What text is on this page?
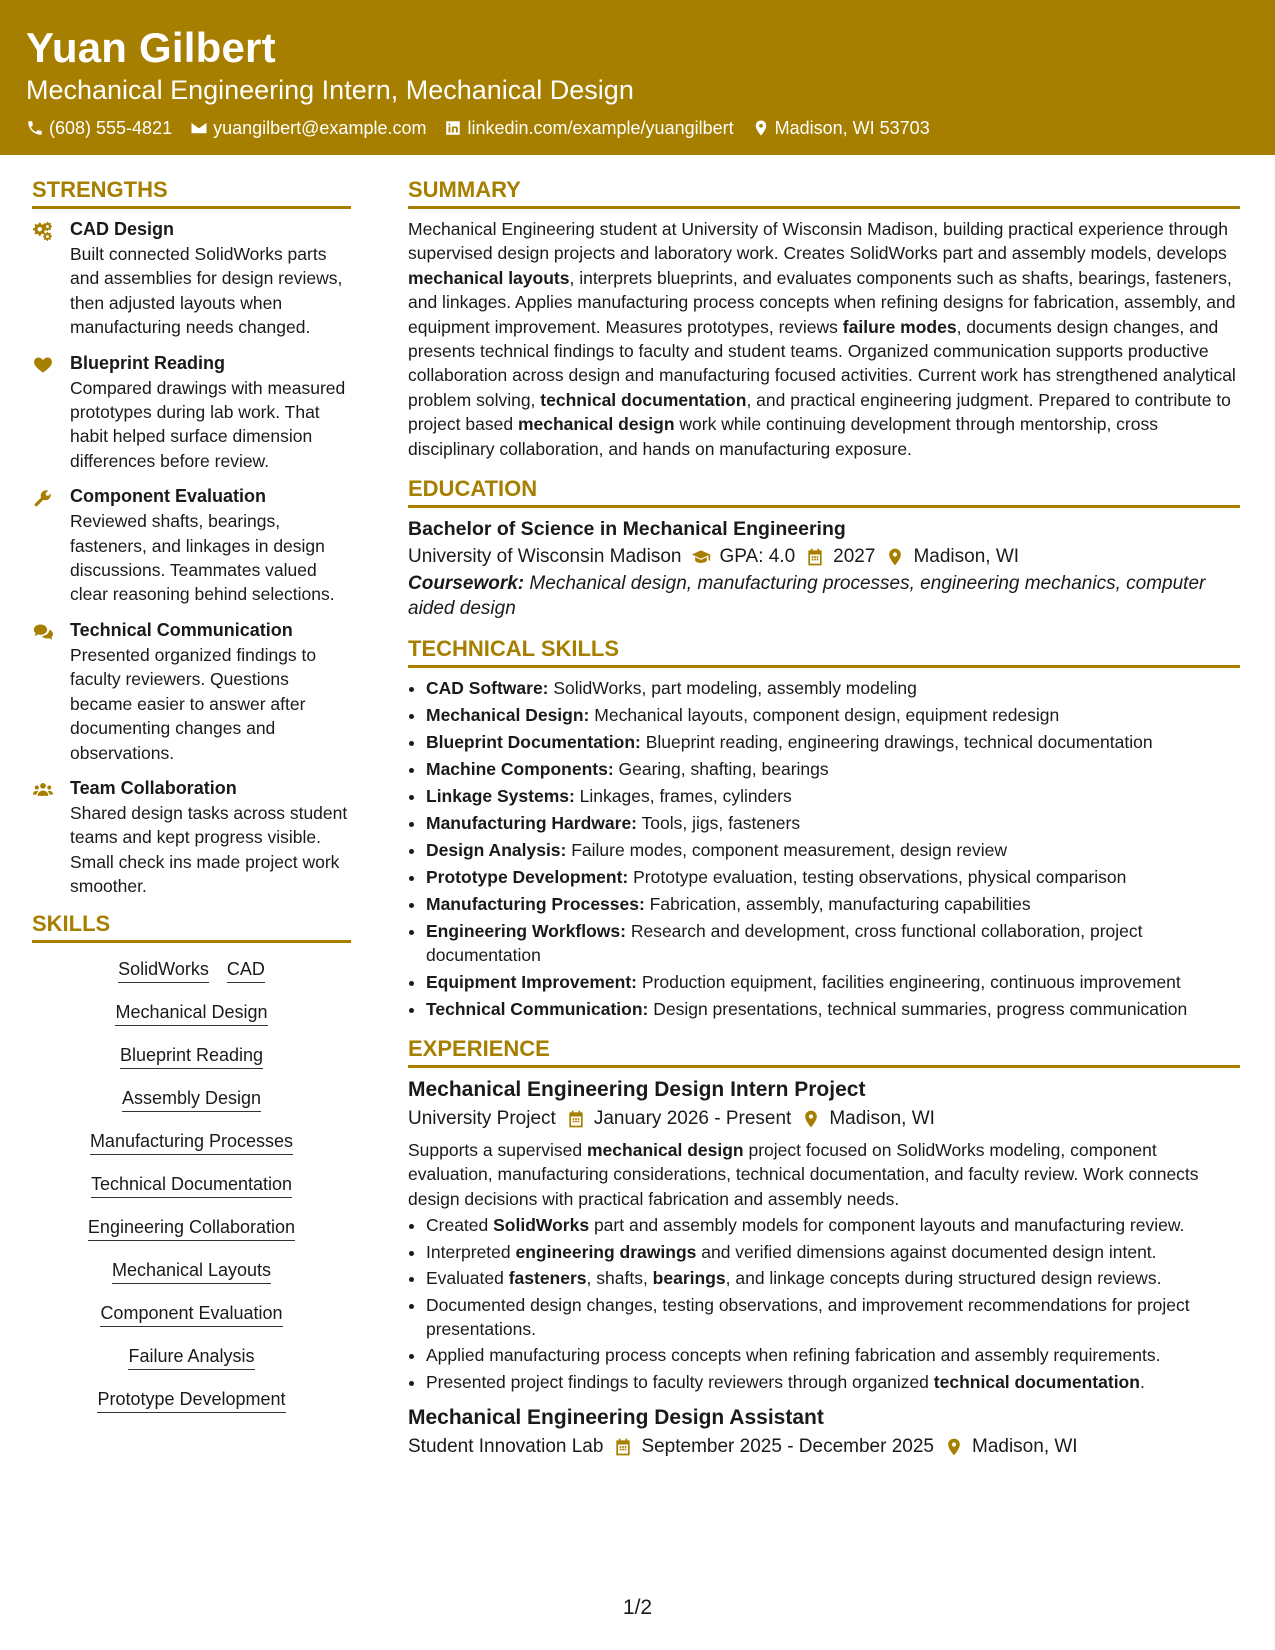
Yuan Gilbert
Mechanical Engineering Intern, Mechanical Design
(608) 555-4821 yuangilbert@example.com linkedin.com/example/yuangilbert Madison, WI 53703
STRENGTHS
CAD Design
Built connected SolidWorks parts and assemblies for design reviews, then adjusted layouts when manufacturing needs changed.
Blueprint Reading
Compared drawings with measured prototypes during lab work. That habit helped surface dimension differences before review.
Component Evaluation
Reviewed shafts, bearings, fasteners, and linkages in design discussions. Teammates valued clear reasoning behind selections.
Technical Communication
Presented organized findings to faculty reviewers. Questions became easier to answer after documenting changes and observations.
Team Collaboration
Shared design tasks across student teams and kept progress visible. Small check ins made project work smoother.
SKILLS
SolidWorks CAD
Mechanical Design
Blueprint Reading
Assembly Design
Manufacturing Processes
Technical Documentation
Engineering Collaboration
Mechanical Layouts
Component Evaluation
Failure Analysis
Prototype Development
SUMMARY
Mechanical Engineering student at University of Wisconsin Madison, building practical experience through supervised design projects and laboratory work. Creates SolidWorks part and assembly models, develops mechanical layouts, interprets blueprints, and evaluates components such as shafts, bearings, fasteners, and linkages. Applies manufacturing process concepts when refining designs for fabrication, assembly, and equipment improvement. Measures prototypes, reviews failure modes, documents design changes, and presents technical findings to faculty and student teams. Organized communication supports productive collaboration across design and manufacturing focused activities. Current work has strengthened analytical problem solving, technical documentation, and practical engineering judgment. Prepared to contribute to project based mechanical design work while continuing development through mentorship, cross disciplinary collaboration, and hands on manufacturing exposure.
EDUCATION
Bachelor of Science in Mechanical Engineering
University of Wisconsin Madison GPA: 4.0 2027 Madison, WI
Coursework: Mechanical design, manufacturing processes, engineering mechanics, computer aided design
TECHNICAL SKILLS
• CAD Software: SolidWorks, part modeling, assembly modeling
• Mechanical Design: Mechanical layouts, component design, equipment redesign
• Blueprint Documentation: Blueprint reading, engineering drawings, technical documentation
• Machine Components: Gearing, shafting, bearings
• Linkage Systems: Linkages, frames, cylinders
• Manufacturing Hardware: Tools, jigs, fasteners
• Design Analysis: Failure modes, component measurement, design review
• Prototype Development: Prototype evaluation, testing observations, physical comparison
• Manufacturing Processes: Fabrication, assembly, manufacturing capabilities
• Engineering Workflows: Research and development, cross functional collaboration, project documentation
• Equipment Improvement: Production equipment, facilities engineering, continuous improvement
• Technical Communication: Design presentations, technical summaries, progress communication
EXPERIENCE
Mechanical Engineering Design Intern Project
University Project January 2026 - Present Madison, WI
Supports a supervised mechanical design project focused on SolidWorks modeling, component evaluation, manufacturing considerations, technical documentation, and faculty review. Work connects design decisions with practical fabrication and assembly needs.
• Created SolidWorks part and assembly models for component layouts and manufacturing review.
• Interpreted engineering drawings and verified dimensions against documented design intent.
• Evaluated fasteners, shafts, bearings, and linkage concepts during structured design reviews.
• Documented design changes, testing observations, and improvement recommendations for project presentations.
• Applied manufacturing process concepts when refining fabrication and assembly requirements.
• Presented project findings to faculty reviewers through organized technical documentation.
Mechanical Engineering Design Assistant
Student Innovation Lab September 2025 - December 2025 Madison, WI
1/2
